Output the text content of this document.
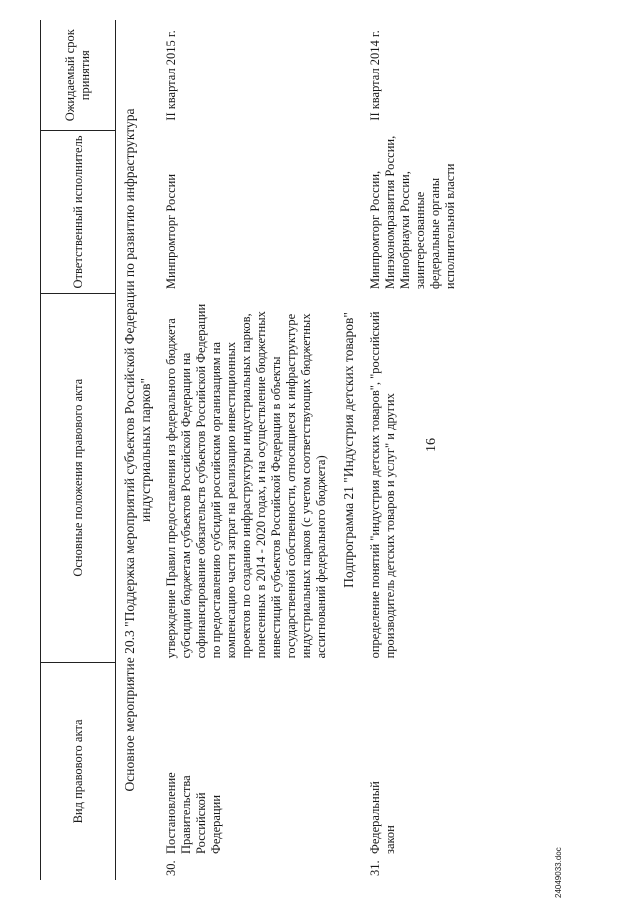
Вид правового акта	Основные положения правового акта	Ответственный исполнитель	Ожидаемый срок принятия
Основное мероприятие 20.3 "Поддержка мероприятий субъектов Российской Федерации по развитию инфраструктура индустриальных парков"			
30.Постановление Правительства Российской Федерации	утверждение Правил предоставления из федерального бюджета субсидии бюджетам субъектов Российской Федерации на софинансирование обязательств субъектов Российской Федерации по предоставлению субсидий российским организациям на компенсацию части затрат на реализацию инвестиционных проектов по созданию инфраструктуры индустриальных парков, понесенных в 2014 - 2020 годах, и на осуществление бюджетных инвестиций субъектов Российской Федерации в объекты государственной собственности, относящиеся к инфраструктуре индустриальных парков (с учетом соответствующих бюджетных ассигнований федерального бюджета)	Минпромторг России	II квартал 2015 г.
Подпрограмма 21 "Индустрия детских товаров"			
31.Федеральный закон	определение понятий "индустрия детских товаров", "российский производитель детских товаров и услуг" и других	Минпромторг России, Минэкономразвития России, Минобрнауки России, заинтересованные федеральные органы исполнительной власти	II квартал 2014 г.
16
24049033.doc
